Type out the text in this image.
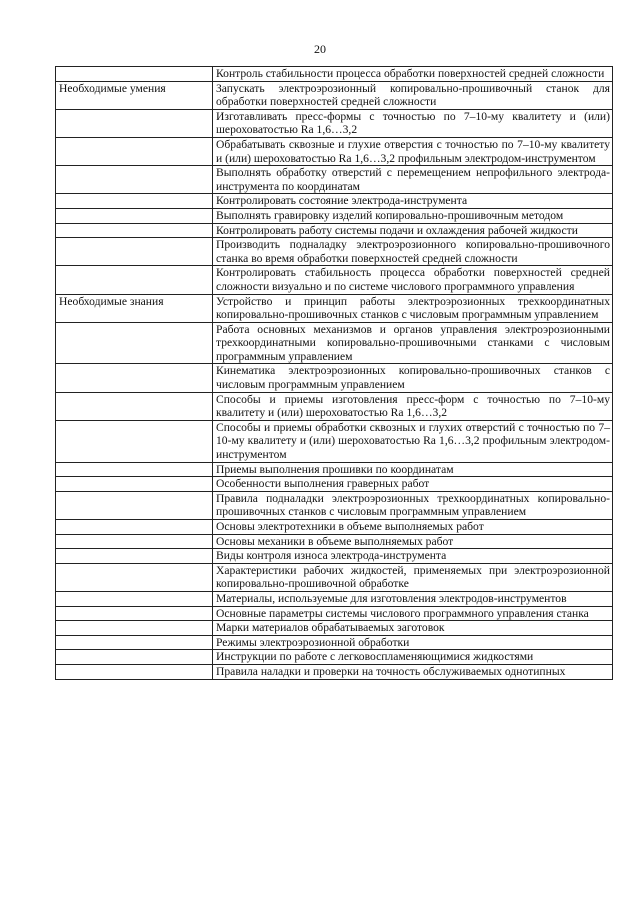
20
	Контроль стабильности процесса обработки поверхностей средней сложности
Необходимые умения	Запускать электроэрозионный копировально-прошивочный станок для обработки поверхностей средней сложности
	Изготавливать пресс-формы с точностью по 7–10-му квалитету и (или) шероховатостью Ra 1,6…3,2
	Обрабатывать сквозные и глухие отверстия с точностью по 7–10-му квалитету и (или) шероховатостью Ra 1,6…3,2 профильным электродом-инструментом
	Выполнять обработку отверстий с перемещением непрофильного электрода-инструмента по координатам
	Контролировать состояние электрода-инструмента
	Выполнять гравировку изделий копировально-прошивочным методом
	Контролировать работу системы подачи и охлаждения рабочей жидкости
	Производить подналадку электроэрозионного копировально-прошивочного станка во время обработки поверхностей средней сложности
	Контролировать стабильность процесса обработки поверхностей средней сложности визуально и по системе числового программного управления
Необходимые знания	Устройство и принцип работы электроэрозионных трехкоординатных копировально-прошивочных станков с числовым программным управлением
	Работа основных механизмов и органов управления электроэрозионными трехкоординатными копировально-прошивочными станками с числовым программным управлением
	Кинематика электроэрозионных копировально-прошивочных станков с числовым программным управлением
	Способы и приемы изготовления пресс-форм с точностью по 7–10-му квалитету и (или) шероховатостью Ra 1,6…3,2
	Способы и приемы обработки сквозных и глухих отверстий с точностью по 7–10-му квалитету и (или) шероховатостью Ra 1,6…3,2 профильным электродом-инструментом
	Приемы выполнения прошивки по координатам
	Особенности выполнения граверных работ
	Правила подналадки электроэрозионных трехкоординатных копировально-прошивочных станков с числовым программным управлением
	Основы электротехники в объеме выполняемых работ
	Основы механики в объеме выполняемых работ
	Виды контроля износа электрода-инструмента
	Характеристики рабочих жидкостей, применяемых при электроэрозионной копировально-прошивочной обработке
	Материалы, используемые для изготовления электродов-инструментов
	Основные параметры системы числового программного управления станка
	Марки материалов обрабатываемых заготовок
	Режимы электроэрозионной обработки
	Инструкции по работе с легковоспламеняющимися жидкостями

	Правила наладки и проверки на точность обслуживаемых однотипных
